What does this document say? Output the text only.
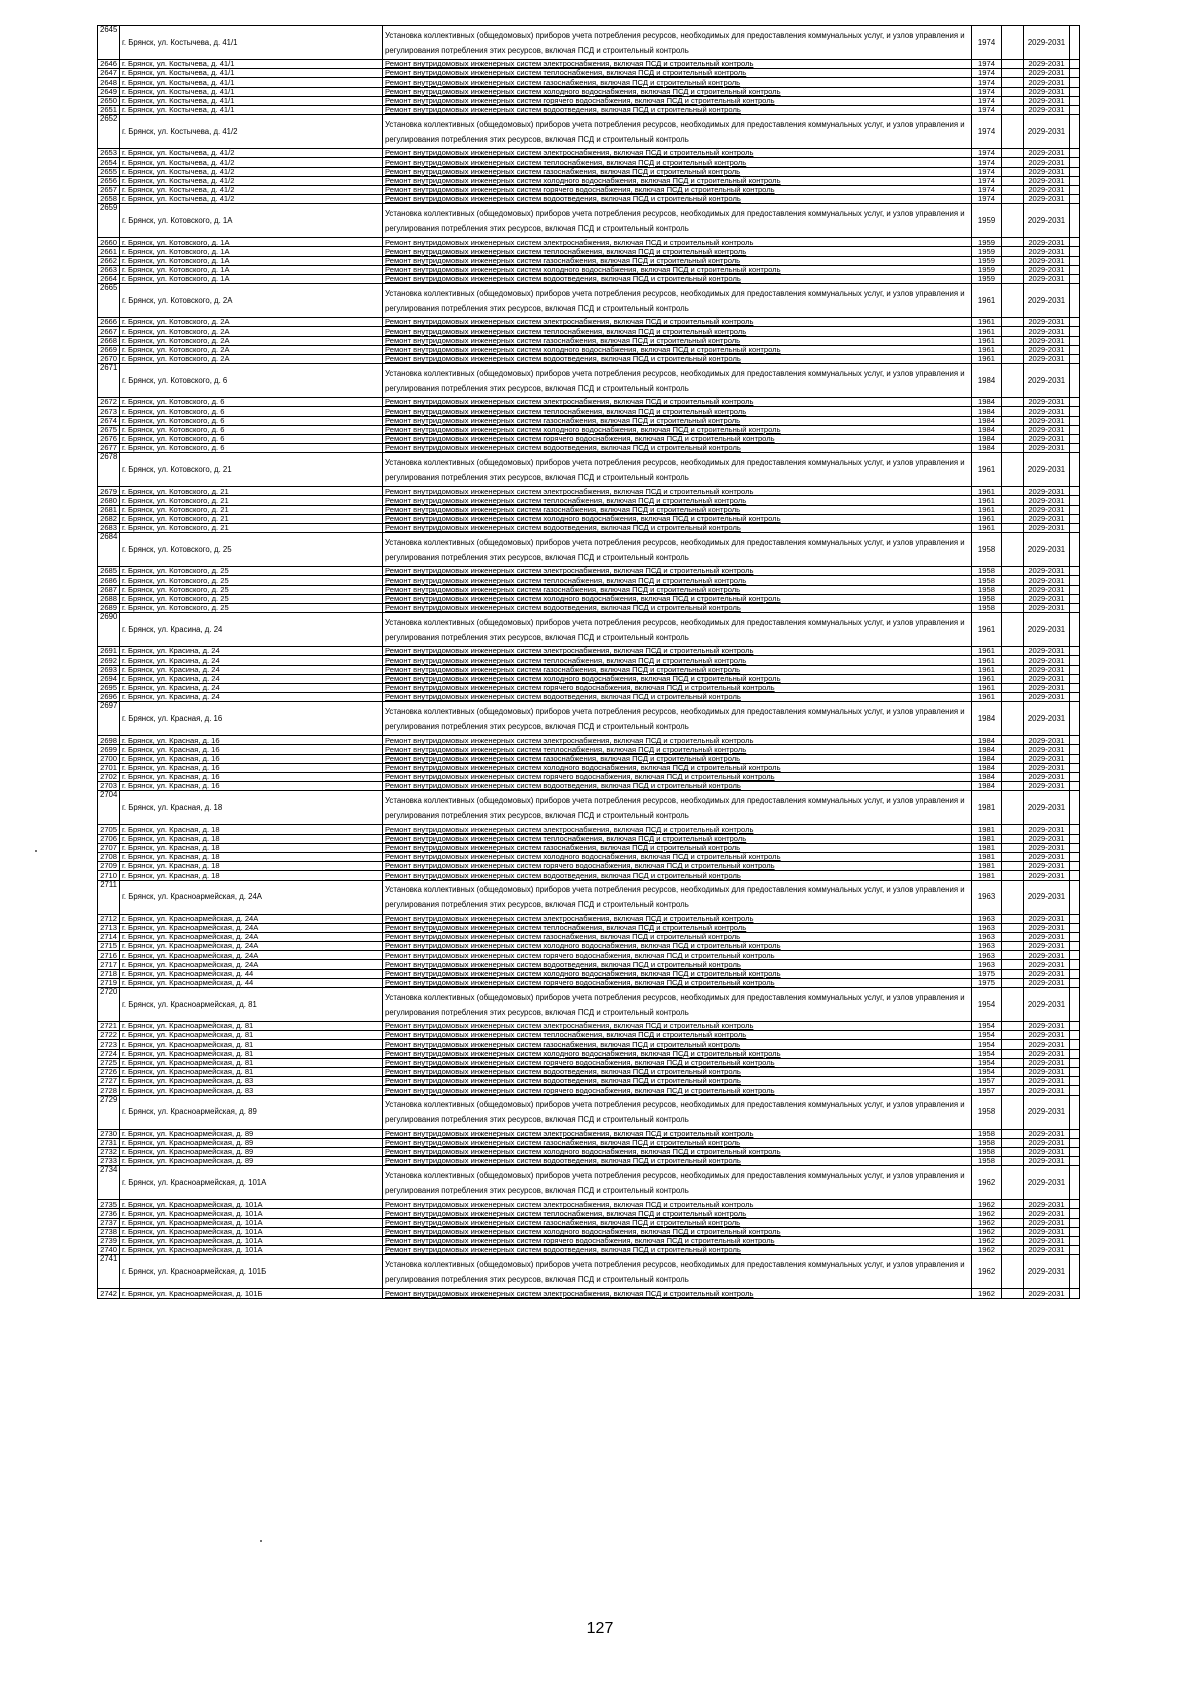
2645	г. Брянск, ул. Костычева, д. 41/1	Установка коллективных (общедомовых) приборов учета потребления ресурсов, необходимых для предоставления коммунальных услуг, и узлов управления и регулирования потребления этих ресурсов, включая ПСД и строительный контроль	1974		2029-2031	
2646	г. Брянск, ул. Костычева, д. 41/1	Ремонт внутридомовых инженерных систем электроснабжения, включая ПСД и строительный контроль	1974		2029-2031	
2647	г. Брянск, ул. Костычева, д. 41/1	Ремонт внутридомовых инженерных систем теплоснабжения, включая ПСД и строительный контроль	1974		2029-2031	
2648	г. Брянск, ул. Костычева, д. 41/1	Ремонт внутридомовых инженерных систем газоснабжения, включая ПСД и строительный контроль	1974		2029-2031	
2649	г. Брянск, ул. Костычева, д. 41/1	Ремонт внутридомовых инженерных систем холодного водоснабжения, включая ПСД и строительный контроль	1974		2029-2031	
2650	г. Брянск, ул. Костычева, д. 41/1	Ремонт внутридомовых инженерных систем горячего водоснабжения, включая ПСД и строительный контроль	1974		2029-2031	
2651	г. Брянск, ул. Костычева, д. 41/1	Ремонт внутридомовых инженерных систем водоотведения, включая ПСД и строительный контроль	1974		2029-2031	
2652	г. Брянск, ул. Костычева, д. 41/2	Установка коллективных (общедомовых) приборов учета потребления ресурсов, необходимых для предоставления коммунальных услуг, и узлов управления и регулирования потребления этих ресурсов, включая ПСД и строительный контроль	1974		2029-2031	
2653	г. Брянск, ул. Костычева, д. 41/2	Ремонт внутридомовых инженерных систем электроснабжения, включая ПСД и строительный контроль	1974		2029-2031	
2654	г. Брянск, ул. Костычева, д. 41/2	Ремонт внутридомовых инженерных систем теплоснабжения, включая ПСД и строительный контроль	1974		2029-2031	
2655	г. Брянск, ул. Костычева, д. 41/2	Ремонт внутридомовых инженерных систем газоснабжения, включая ПСД и строительный контроль	1974		2029-2031	
2656	г. Брянск, ул. Костычева, д. 41/2	Ремонт внутридомовых инженерных систем холодного водоснабжения, включая ПСД и строительный контроль	1974		2029-2031	
2657	г. Брянск, ул. Костычева, д. 41/2	Ремонт внутридомовых инженерных систем горячего водоснабжения, включая ПСД и строительный контроль	1974		2029-2031	
2658	г. Брянск, ул. Костычева, д. 41/2	Ремонт внутридомовых инженерных систем водоотведения, включая ПСД и строительный контроль	1974		2029-2031	
2659	г. Брянск, ул. Котовского, д. 1А	Установка коллективных (общедомовых) приборов учета потребления ресурсов, необходимых для предоставления коммунальных услуг, и узлов управления и регулирования потребления этих ресурсов, включая ПСД и строительный контроль	1959		2029-2031	
2660	г. Брянск, ул. Котовского, д. 1А	Ремонт внутридомовых инженерных систем электроснабжения, включая ПСД и строительный контроль	1959		2029-2031	
2661	г. Брянск, ул. Котовского, д. 1А	Ремонт внутридомовых инженерных систем теплоснабжения, включая ПСД и строительный контроль	1959		2029-2031	
2662	г. Брянск, ул. Котовского, д. 1А	Ремонт внутридомовых инженерных систем газоснабжения, включая ПСД и строительный контроль	1959		2029-2031	
2663	г. Брянск, ул. Котовского, д. 1А	Ремонт внутридомовых инженерных систем холодного водоснабжения, включая ПСД и строительный контроль	1959		2029-2031	
2664	г. Брянск, ул. Котовского, д. 1А	Ремонт внутридомовых инженерных систем водоотведения, включая ПСД и строительный контроль	1959		2029-2031	
2665	г. Брянск, ул. Котовского, д. 2А	Установка коллективных (общедомовых) приборов учета потребления ресурсов, необходимых для предоставления коммунальных услуг, и узлов управления и регулирования потребления этих ресурсов, включая ПСД и строительный контроль	1961		2029-2031	
2666	г. Брянск, ул. Котовского, д. 2А	Ремонт внутридомовых инженерных систем электроснабжения, включая ПСД и строительный контроль	1961		2029-2031	
2667	г. Брянск, ул. Котовского, д. 2А	Ремонт внутридомовых инженерных систем теплоснабжения, включая ПСД и строительный контроль	1961		2029-2031	
2668	г. Брянск, ул. Котовского, д. 2А	Ремонт внутридомовых инженерных систем газоснабжения, включая ПСД и строительный контроль	1961		2029-2031	
2669	г. Брянск, ул. Котовского, д. 2А	Ремонт внутридомовых инженерных систем холодного водоснабжения, включая ПСД и строительный контроль	1961		2029-2031	
2670	г. Брянск, ул. Котовского, д. 2А	Ремонт внутридомовых инженерных систем водоотведения, включая ПСД и строительный контроль	1961		2029-2031	
2671	г. Брянск, ул. Котовского, д. 6	Установка коллективных (общедомовых) приборов учета потребления ресурсов, необходимых для предоставления коммунальных услуг, и узлов управления и регулирования потребления этих ресурсов, включая ПСД и строительный контроль	1984		2029-2031	
2672	г. Брянск, ул. Котовского, д. 6	Ремонт внутридомовых инженерных систем электроснабжения, включая ПСД и строительный контроль	1984		2029-2031	
2673	г. Брянск, ул. Котовского, д. 6	Ремонт внутридомовых инженерных систем теплоснабжения, включая ПСД и строительный контроль	1984		2029-2031	
2674	г. Брянск, ул. Котовского, д. 6	Ремонт внутридомовых инженерных систем газоснабжения, включая ПСД и строительный контроль	1984		2029-2031	
2675	г. Брянск, ул. Котовского, д. 6	Ремонт внутридомовых инженерных систем холодного водоснабжения, включая ПСД и строительный контроль	1984		2029-2031	
2676	г. Брянск, ул. Котовского, д. 6	Ремонт внутридомовых инженерных систем горячего водоснабжения, включая ПСД и строительный контроль	1984		2029-2031	
2677	г. Брянск, ул. Котовского, д. 6	Ремонт внутридомовых инженерных систем водоотведения, включая ПСД и строительный контроль	1984		2029-2031	
2678	г. Брянск, ул. Котовского, д. 21	Установка коллективных (общедомовых) приборов учета потребления ресурсов, необходимых для предоставления коммунальных услуг, и узлов управления и регулирования потребления этих ресурсов, включая ПСД и строительный контроль	1961		2029-2031	
2679	г. Брянск, ул. Котовского, д. 21	Ремонт внутридомовых инженерных систем электроснабжения, включая ПСД и строительный контроль	1961		2029-2031	
2680	г. Брянск, ул. Котовского, д. 21	Ремонт внутридомовых инженерных систем теплоснабжения, включая ПСД и строительный контроль	1961		2029-2031	
2681	г. Брянск, ул. Котовского, д. 21	Ремонт внутридомовых инженерных систем газоснабжения, включая ПСД и строительный контроль	1961		2029-2031	
2682	г. Брянск, ул. Котовского, д. 21	Ремонт внутридомовых инженерных систем холодного водоснабжения, включая ПСД и строительный контроль	1961		2029-2031	
2683	г. Брянск, ул. Котовского, д. 21	Ремонт внутридомовых инженерных систем водоотведения, включая ПСД и строительный контроль	1961		2029-2031	
2684	г. Брянск, ул. Котовского, д. 25	Установка коллективных (общедомовых) приборов учета потребления ресурсов, необходимых для предоставления коммунальных услуг, и узлов управления и регулирования потребления этих ресурсов, включая ПСД и строительный контроль	1958		2029-2031	
2685	г. Брянск, ул. Котовского, д. 25	Ремонт внутридомовых инженерных систем электроснабжения, включая ПСД и строительный контроль	1958		2029-2031	
2686	г. Брянск, ул. Котовского, д. 25	Ремонт внутридомовых инженерных систем теплоснабжения, включая ПСД и строительный контроль	1958		2029-2031	
2687	г. Брянск, ул. Котовского, д. 25	Ремонт внутридомовых инженерных систем газоснабжения, включая ПСД и строительный контроль	1958		2029-2031	
2688	г. Брянск, ул. Котовского, д. 25	Ремонт внутридомовых инженерных систем холодного водоснабжения, включая ПСД и строительный контроль	1958		2029-2031	
2689	г. Брянск, ул. Котовского, д. 25	Ремонт внутридомовых инженерных систем водоотведения, включая ПСД и строительный контроль	1958		2029-2031	
2690	г. Брянск, ул. Красина, д. 24	Установка коллективных (общедомовых) приборов учета потребления ресурсов, необходимых для предоставления коммунальных услуг, и узлов управления и регулирования потребления этих ресурсов, включая ПСД и строительный контроль	1961		2029-2031	
2691	г. Брянск, ул. Красина, д. 24	Ремонт внутридомовых инженерных систем электроснабжения, включая ПСД и строительный контроль	1961		2029-2031	
2692	г. Брянск, ул. Красина, д. 24	Ремонт внутридомовых инженерных систем теплоснабжения, включая ПСД и строительный контроль	1961		2029-2031	
2693	г. Брянск, ул. Красина, д. 24	Ремонт внутридомовых инженерных систем газоснабжения, включая ПСД и строительный контроль	1961		2029-2031	
2694	г. Брянск, ул. Красина, д. 24	Ремонт внутридомовых инженерных систем холодного водоснабжения, включая ПСД и строительный контроль	1961		2029-2031	
2695	г. Брянск, ул. Красина, д. 24	Ремонт внутридомовых инженерных систем горячего водоснабжения, включая ПСД и строительный контроль	1961		2029-2031	
2696	г. Брянск, ул. Красина, д. 24	Ремонт внутридомовых инженерных систем водоотведения, включая ПСД и строительный контроль	1961		2029-2031	
2697	г. Брянск, ул. Красная, д. 16	Установка коллективных (общедомовых) приборов учета потребления ресурсов, необходимых для предоставления коммунальных услуг, и узлов управления и регулирования потребления этих ресурсов, включая ПСД и строительный контроль	1984		2029-2031	
2698	г. Брянск, ул. Красная, д. 16	Ремонт внутридомовых инженерных систем электроснабжения, включая ПСД и строительный контроль	1984		2029-2031	
2699	г. Брянск, ул. Красная, д. 16	Ремонт внутридомовых инженерных систем теплоснабжения, включая ПСД и строительный контроль	1984		2029-2031	
2700	г. Брянск, ул. Красная, д. 16	Ремонт внутридомовых инженерных систем газоснабжения, включая ПСД и строительный контроль	1984		2029-2031	
2701	г. Брянск, ул. Красная, д. 16	Ремонт внутридомовых инженерных систем холодного водоснабжения, включая ПСД и строительный контроль	1984		2029-2031	
2702	г. Брянск, ул. Красная, д. 16	Ремонт внутридомовых инженерных систем горячего водоснабжения, включая ПСД и строительный контроль	1984		2029-2031	
2703	г. Брянск, ул. Красная, д. 16	Ремонт внутридомовых инженерных систем водоотведения, включая ПСД и строительный контроль	1984		2029-2031	
2704	г. Брянск, ул. Красная, д. 18	Установка коллективных (общедомовых) приборов учета потребления ресурсов, необходимых для предоставления коммунальных услуг, и узлов управления и регулирования потребления этих ресурсов, включая ПСД и строительный контроль	1981		2029-2031	
2705	г. Брянск, ул. Красная, д. 18	Ремонт внутридомовых инженерных систем электроснабжения, включая ПСД и строительный контроль	1981		2029-2031	
2706	г. Брянск, ул. Красная, д. 18	Ремонт внутридомовых инженерных систем теплоснабжения, включая ПСД и строительный контроль	1981		2029-2031	
2707	г. Брянск, ул. Красная, д. 18	Ремонт внутридомовых инженерных систем газоснабжения, включая ПСД и строительный контроль	1981		2029-2031	
2708	г. Брянск, ул. Красная, д. 18	Ремонт внутридомовых инженерных систем холодного водоснабжения, включая ПСД и строительный контроль	1981		2029-2031	
2709	г. Брянск, ул. Красная, д. 18	Ремонт внутридомовых инженерных систем горячего водоснабжения, включая ПСД и строительный контроль	1981		2029-2031	
2710	г. Брянск, ул. Красная, д. 18	Ремонт внутридомовых инженерных систем водоотведения, включая ПСД и строительный контроль	1981		2029-2031	
2711	г. Брянск, ул. Красноармейская, д. 24А	Установка коллективных (общедомовых) приборов учета потребления ресурсов, необходимых для предоставления коммунальных услуг, и узлов управления и регулирования потребления этих ресурсов, включая ПСД и строительный контроль	1963		2029-2031	
2712	г. Брянск, ул. Красноармейская, д. 24А	Ремонт внутридомовых инженерных систем электроснабжения, включая ПСД и строительный контроль	1963		2029-2031	
2713	г. Брянск, ул. Красноармейская, д. 24А	Ремонт внутридомовых инженерных систем теплоснабжения, включая ПСД и строительный контроль	1963		2029-2031	
2714	г. Брянск, ул. Красноармейская, д. 24А	Ремонт внутридомовых инженерных систем газоснабжения, включая ПСД и строительный контроль	1963		2029-2031	
2715	г. Брянск, ул. Красноармейская, д. 24А	Ремонт внутридомовых инженерных систем холодного водоснабжения, включая ПСД и строительный контроль	1963		2029-2031	
2716	г. Брянск, ул. Красноармейская, д. 24А	Ремонт внутридомовых инженерных систем горячего водоснабжения, включая ПСД и строительный контроль	1963		2029-2031	
2717	г. Брянск, ул. Красноармейская, д. 24А	Ремонт внутридомовых инженерных систем водоотведения, включая ПСД и строительный контроль	1963		2029-2031	
2718	г. Брянск, ул. Красноармейская, д. 44	Ремонт внутридомовых инженерных систем холодного водоснабжения, включая ПСД и строительный контроль	1975		2029-2031	
2719	г. Брянск, ул. Красноармейская, д. 44	Ремонт внутридомовых инженерных систем горячего водоснабжения, включая ПСД и строительный контроль	1975		2029-2031	
2720	г. Брянск, ул. Красноармейская, д. 81	Установка коллективных (общедомовых) приборов учета потребления ресурсов, необходимых для предоставления коммунальных услуг, и узлов управления и регулирования потребления этих ресурсов, включая ПСД и строительный контроль	1954		2029-2031	
2721	г. Брянск, ул. Красноармейская, д. 81	Ремонт внутридомовых инженерных систем электроснабжения, включая ПСД и строительный контроль	1954		2029-2031	
2722	г. Брянск, ул. Красноармейская, д. 81	Ремонт внутридомовых инженерных систем теплоснабжения, включая ПСД и строительный контроль	1954		2029-2031	
2723	г. Брянск, ул. Красноармейская, д. 81	Ремонт внутридомовых инженерных систем газоснабжения, включая ПСД и строительный контроль	1954		2029-2031	
2724	г. Брянск, ул. Красноармейская, д. 81	Ремонт внутридомовых инженерных систем холодного водоснабжения, включая ПСД и строительный контроль	1954		2029-2031	
2725	г. Брянск, ул. Красноармейская, д. 81	Ремонт внутридомовых инженерных систем горячего водоснабжения, включая ПСД и строительный контроль	1954		2029-2031	
2726	г. Брянск, ул. Красноармейская, д. 81	Ремонт внутридомовых инженерных систем водоотведения, включая ПСД и строительный контроль	1954		2029-2031	
2727	г. Брянск, ул. Красноармейская, д. 83	Ремонт внутридомовых инженерных систем водоотведения, включая ПСД и строительный контроль	1957		2029-2031	
2728	г. Брянск, ул. Красноармейская, д. 83	Ремонт внутридомовых инженерных систем горячего водоснабжения, включая ПСД и строительный контроль	1957		2029-2031	
2729	г. Брянск, ул. Красноармейская, д. 89	Установка коллективных (общедомовых) приборов учета потребления ресурсов, необходимых для предоставления коммунальных услуг, и узлов управления и регулирования потребления этих ресурсов, включая ПСД и строительный контроль	1958		2029-2031	
2730	г. Брянск, ул. Красноармейская, д. 89	Ремонт внутридомовых инженерных систем электроснабжения, включая ПСД и строительный контроль	1958		2029-2031	
2731	г. Брянск, ул. Красноармейская, д. 89	Ремонт внутридомовых инженерных систем газоснабжения, включая ПСД и строительный контроль	1958		2029-2031	
2732	г. Брянск, ул. Красноармейская, д. 89	Ремонт внутридомовых инженерных систем холодного водоснабжения, включая ПСД и строительный контроль	1958		2029-2031	
2733	г. Брянск, ул. Красноармейская, д. 89	Ремонт внутридомовых инженерных систем водоотведения, включая ПСД и строительный контроль	1958		2029-2031	
2734	г. Брянск, ул. Красноармейская, д. 101А	Установка коллективных (общедомовых) приборов учета потребления ресурсов, необходимых для предоставления коммунальных услуг, и узлов управления и регулирования потребления этих ресурсов, включая ПСД и строительный контроль	1962		2029-2031	
2735	г. Брянск, ул. Красноармейская, д. 101А	Ремонт внутридомовых инженерных систем электроснабжения, включая ПСД и строительный контроль	1962		2029-2031	
2736	г. Брянск, ул. Красноармейская, д. 101А	Ремонт внутридомовых инженерных систем теплоснабжения, включая ПСД и строительный контроль	1962		2029-2031	
2737	г. Брянск, ул. Красноармейская, д. 101А	Ремонт внутридомовых инженерных систем газоснабжения, включая ПСД и строительный контроль	1962		2029-2031	
2738	г. Брянск, ул. Красноармейская, д. 101А	Ремонт внутридомовых инженерных систем холодного водоснабжения, включая ПСД и строительный контроль	1962		2029-2031	
2739	г. Брянск, ул. Красноармейская, д. 101А	Ремонт внутридомовых инженерных систем горячего водоснабжения, включая ПСД и строительный контроль	1962		2029-2031	
2740	г. Брянск, ул. Красноармейская, д. 101А	Ремонт внутридомовых инженерных систем водоотведения, включая ПСД и строительный контроль	1962		2029-2031	
2741	г. Брянск, ул. Красноармейская, д. 101Б	Установка коллективных (общедомовых) приборов учета потребления ресурсов, необходимых для предоставления коммунальных услуг, и узлов управления и регулирования потребления этих ресурсов, включая ПСД и строительный контроль	1962		2029-2031	
2742	г. Брянск, ул. Красноармейская, д. 101Б	Ремонт внутридомовых инженерных систем электроснабжения, включая ПСД и строительный контроль	1962		2029-2031	
127
